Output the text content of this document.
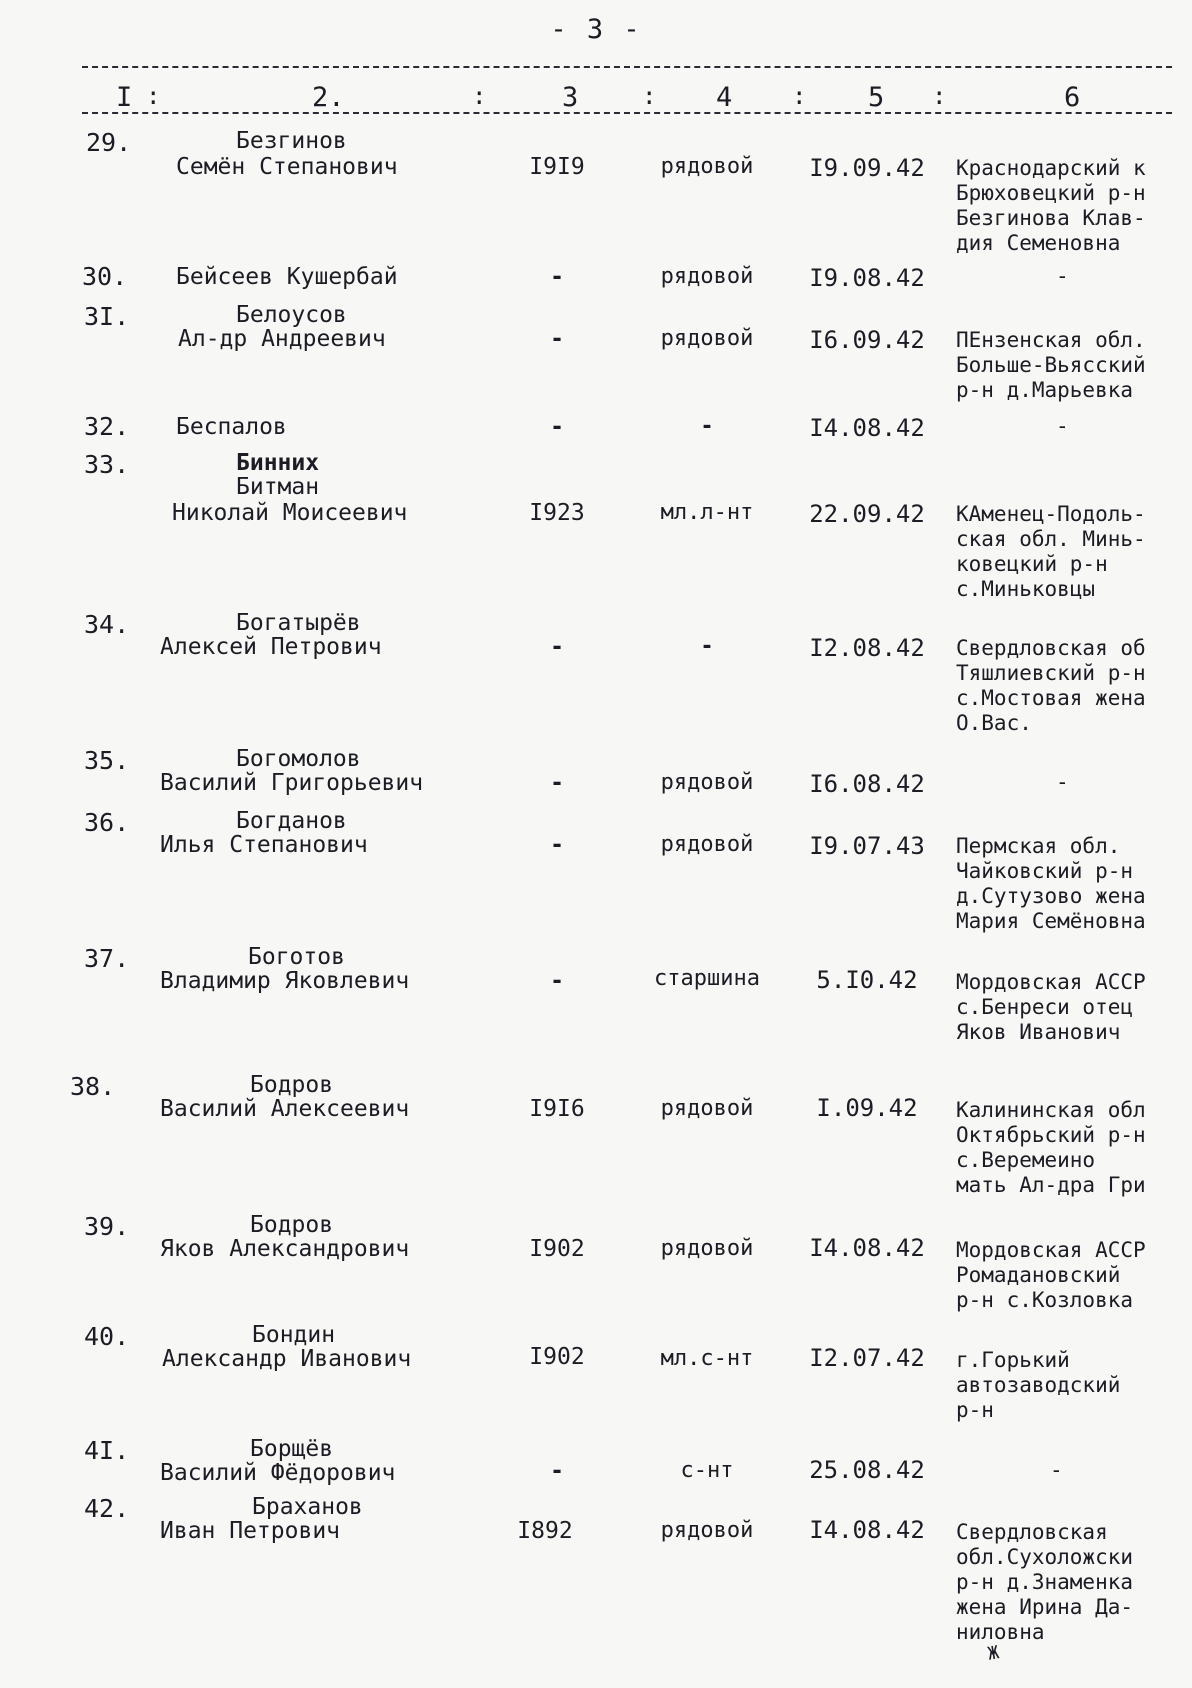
- 3 -
I :	2.	:	3	: 4 : 5 :	6
29.	Безгинов
Семён Степанович	I9I9	рядовой	I9.09.42	Краснодарский к
Брюховецкий р-н
Безгинова Клав-
дия Семеновна
30. Бейсеев Кушербай	-	рядовой	I9.08.42	-
3I.	Белоусов
Ал-др Андреевич	-	рядовой	I6.09.42	ПЕнзенская обл.
Больше-Вьясский
р-н д.Марьевка
32. Беспалов	-	-	I4.08.42	-
33.	Бинних
Битман
Николай Моисеевич	I923	мл.л-нт	22.09.42	КАменец-Подоль-
ская обл. Минь-
ковецкий р-н
с.Миньковцы
34.	Богатырёв
Алексей Петрович	-	-	I2.08.42	Свердловская об
Тяшлиевский р-н
с.Мостовая жена
О.Вас.
35.	Богомолов
Василий Григорьевич	-	рядовой	I6.08.42	-
36.	Богданов
Илья Степанович	-	рядовой	I9.07.43	Пермская обл.
Чайковский р-н
д.Сутузово жена
Мария Семёновна
37.	Боготов
Владимир Яковлевич	-	старшина	5.I0.42	Мордовская АССР
с.Бенреси отец
Яков Иванович
38.	Бодров
Василий Алексеевич	I9I6	рядовой	I.09.42	Калининская обл
Октябрьский р-н
с.Веремеино
мать Ал-дра Гри
39.	Бодров
Яков Александрович	I902	рядовой	I4.08.42	Мордовская АССР
Ромадановский
р-н с.Козловка
40.	Бондин
Александр Иванович	I902	мл.с-нт	I2.07.42	г.Горький
автозаводский
р-н
4I.	Борщёв
Василий Фёдорович	-	с-нт	25.08.42	-
42.	Браханов
Иван Петрович	I892	рядовой	I4.08.42	Свердловская
обл.Сухоложски
р-н д.Знаменка
жена Ирина Да-
ниловна
Ж
